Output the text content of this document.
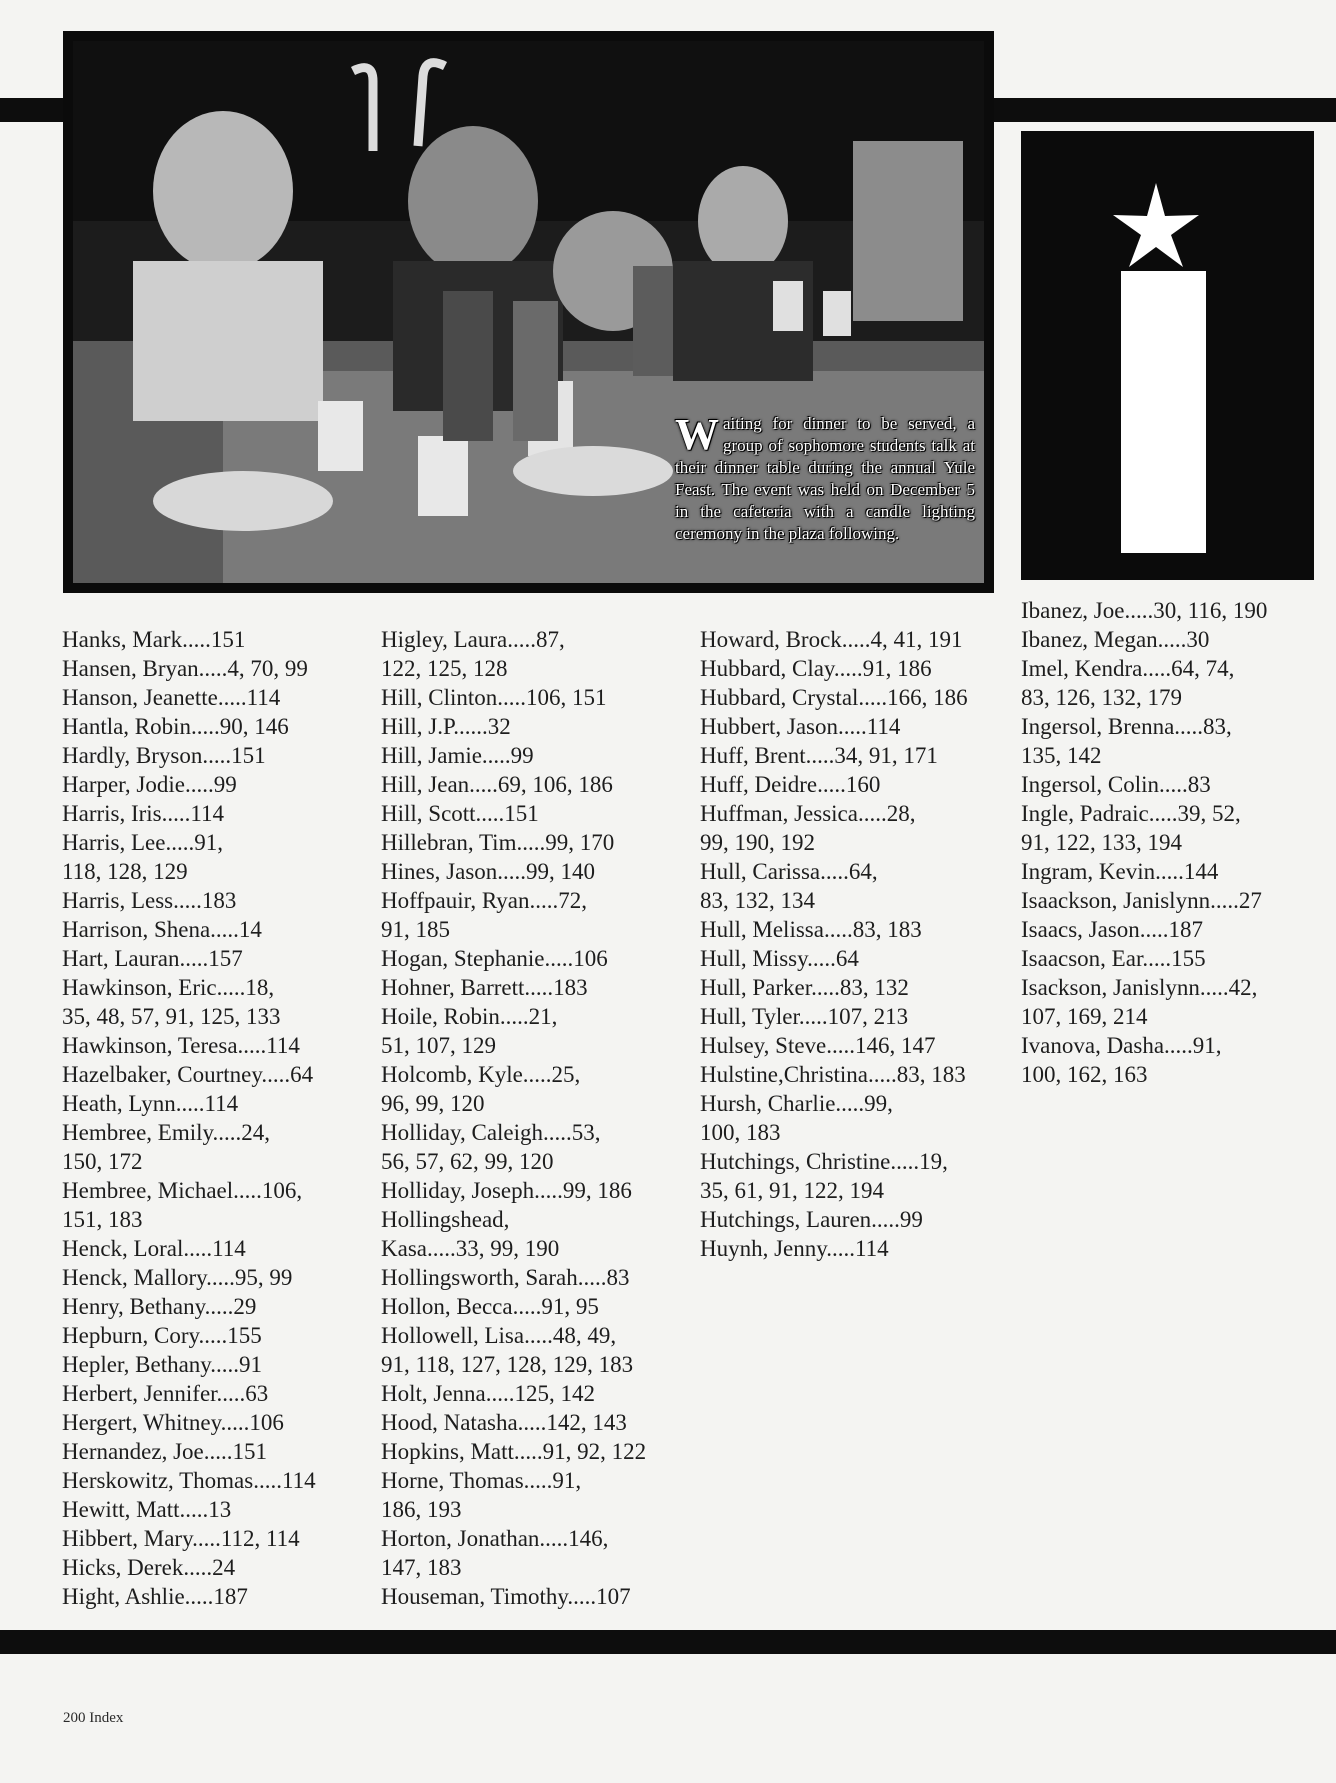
Waiting for dinner to be served, a group of sophomore students talk at their dinner table during the annual Yule Feast. The event was held on December 5 in the cafeteria with a candle lighting ceremony in the plaza following.
Hanks, Mark.....151
Hansen, Bryan.....4, 70, 99
Hanson, Jeanette.....114
Hantla, Robin.....90, 146
Hardly, Bryson.....151
Harper, Jodie.....99
Harris, Iris.....114
Harris, Lee.....91,
118, 128, 129
Harris, Less.....183
Harrison, Shena.....14
Hart, Lauran.....157
Hawkinson, Eric.....18,
35, 48, 57, 91, 125, 133
Hawkinson, Teresa.....114
Hazelbaker, Courtney.....64
Heath, Lynn.....114
Hembree, Emily.....24,
150, 172
Hembree, Michael.....106,
151, 183
Henck, Loral.....114
Henck, Mallory.....95, 99
Henry, Bethany.....29
Hepburn, Cory.....155
Hepler, Bethany.....91
Herbert, Jennifer.....63
Hergert, Whitney.....106
Hernandez, Joe.....151
Herskowitz, Thomas.....114
Hewitt, Matt.....13
Hibbert, Mary.....112, 114
Hicks, Derek.....24
Hight, Ashlie.....187
Higley, Laura.....87,
122, 125, 128
Hill, Clinton.....106, 151
Hill, J.P......32
Hill, Jamie.....99
Hill, Jean.....69, 106, 186
Hill, Scott.....151
Hillebran, Tim.....99, 170
Hines, Jason.....99, 140
Hoffpauir, Ryan.....72,
91, 185
Hogan, Stephanie.....106
Hohner, Barrett.....183
Hoile, Robin.....21,
51, 107, 129
Holcomb, Kyle.....25,
96, 99, 120
Holliday, Caleigh.....53,
56, 57, 62, 99, 120
Holliday, Joseph.....99, 186
Hollingshead,
Kasa.....33, 99, 190
Hollingsworth, Sarah.....83
Hollon, Becca.....91, 95
Hollowell, Lisa.....48, 49,
91, 118, 127, 128, 129, 183
Holt, Jenna.....125, 142
Hood, Natasha.....142, 143
Hopkins, Matt.....91, 92, 122
Horne, Thomas.....91,
186, 193
Horton, Jonathan.....146,
147, 183
Houseman, Timothy.....107
Howard, Brock.....4, 41, 191
Hubbard, Clay.....91, 186
Hubbard, Crystal.....166, 186
Hubbert, Jason.....114
Huff, Brent.....34, 91, 171
Huff, Deidre.....160
Huffman, Jessica.....28,
99, 190, 192
Hull, Carissa.....64,
83, 132, 134
Hull, Melissa.....83, 183
Hull, Missy.....64
Hull, Parker.....83, 132
Hull, Tyler.....107, 213
Hulsey, Steve.....146, 147
Hulstine,Christina.....83, 183
Hursh, Charlie.....99,
100, 183
Hutchings, Christine.....19,
35, 61, 91, 122, 194
Hutchings, Lauren.....99
Huynh, Jenny.....114
Ibanez, Joe.....30, 116, 190
Ibanez, Megan.....30
Imel, Kendra.....64, 74,
83, 126, 132, 179
Ingersol, Brenna.....83,
135, 142
Ingersol, Colin.....83
Ingle, Padraic.....39, 52,
91, 122, 133, 194
Ingram, Kevin.....144
Isaackson, Janislynn.....27
Isaacs, Jason.....187
Isaacson, Ear.....155
Isackson, Janislynn.....42,
107, 169, 214
Ivanova, Dasha.....91,
100, 162, 163
200 Index
